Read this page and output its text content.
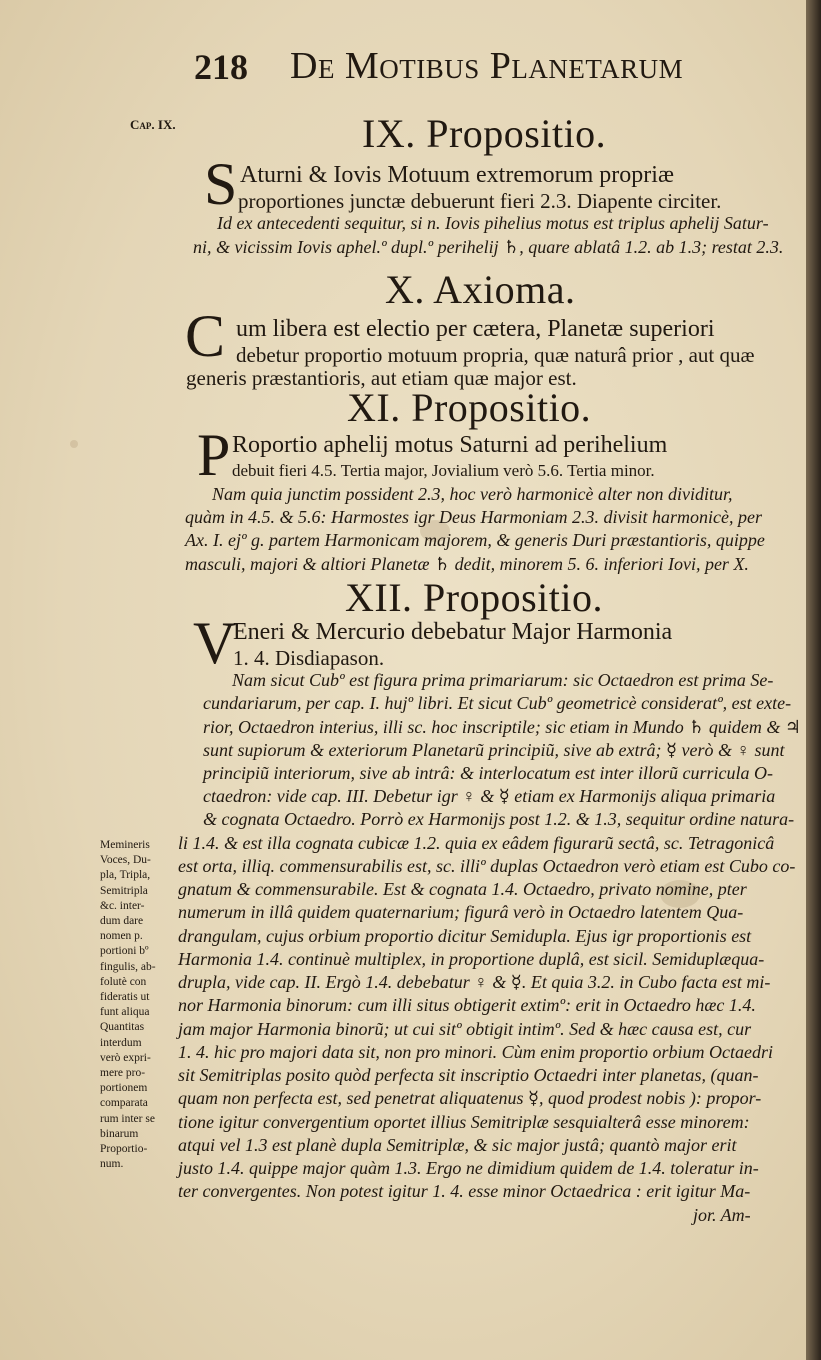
218 De Motibus Planetarum
Cap. IX.	IX. Propositio.
S Aturni & Iovis Motuum extremorum propriæ
proportiones junctæ debuerunt fieri 2.3. Diapente circiter.
Id ex antecedenti sequitur, si n. Iovis pihelius motus est triplus aphelij Satur-
ni, & vicissim Iovis aphel.º dupl.º perihelij ♄, quare ablatâ 1.2. ab 1.3; restat 2.3.
X. Axioma.
C um libera est electio per cætera, Planetæ superiori
debetur proportio motuum propria, quæ naturâ prior , aut quæ
generis præstantioris, aut etiam quæ major est.
XI. Propositio.
P Roportio aphelij motus Saturni ad perihelium
debuit fieri 4.5. Tertia major, Jovialium verò 5.6. Tertia minor.
Nam quia junctim possident 2.3, hoc verò harmonicè alter non dividitur,
quàm in 4.5. & 5.6: Harmostes igr Deus Harmoniam 2.3. divisit harmonicè, per
Ax. I. ejº g. partem Harmonicam majorem, & generis Duri præstantioris, quippe
masculi, majori & altiori Planetæ ♄ dedit, minorem 5. 6. inferiori Iovi, per X.
XII. Propositio.
V
Eneri & Mercurio debebatur Major Harmonia
1. 4. Disdiapason.
Nam sicut Cubº est figura prima primariarum: sic Octaedron est prima Se-
cundariarum, per cap. I. hujº libri. Et sicut Cubº geometricè consideratº, est exte-
rior, Octaedron interius, illi sc. hoc inscriptile; sic etiam in Mundo ♄ quidem & ♃
sunt supiorum & exteriorum Planetarũ principiũ, sive ab extrâ; ☿ verò & ♀ sunt
principiũ interiorum, sive ab intrâ: & interlocatum est inter illorũ curricula O-
ctaedron: vide cap. III. Debetur igr ♀ & ☿ etiam ex Harmonijs aliqua primaria
& cognata Octaedro. Porrò ex Harmonijs post 1.2. & 1.3, sequitur ordine natura-
li 1.4. & est illa cognata cubicæ 1.2. quia ex eâdem figurarũ sectâ, sc. Tetragonicâ
est orta, illiq. commensurabilis est, sc. illiº duplas Octaedron verò etiam est Cubo co-
gnatum & commensurabile. Est & cognata 1.4. Octaedro, privato nomine, pter
numerum in illâ quidem quaternarium; figurâ verò in Octaedro latentem Qua-
drangulam, cujus orbium proportio dicitur Semidupla. Ejus igr proportionis est
Harmonia 1.4. continuè multiplex, in proportione duplâ, est sicil. Semiduplæqua-
drupla, vide cap. II. Ergò 1.4. debebatur ♀ & ☿. Et quia 3.2. in Cubo facta est mi-
nor Harmonia binorum: cum illi situs obtigerit extimº: erit in Octaedro hæc 1.4.
jam major Harmonia binorũ; ut cui sitº obtigit intimº. Sed & hæc causa est, cur
1. 4. hic pro majori data sit, non pro minori. Cùm enim proportio orbium Octaedri
sit Semitriplas posito quòd perfecta sit inscriptio Octaedri inter planetas, (quan-
quam non perfecta est, sed penetrat aliquatenus ☿, quod prodest nobis ): propor-
tione igitur convergentium oportet illius Semitriplæ sesquialterâ esse minorem:
atqui vel 1.3 est planè dupla Semitriplæ, & sic major justâ; quantò major erit
justo 1.4. quippe major quàm 1.3. Ergo ne dimidium quidem de 1.4. toleratur in-
ter convergentes. Non potest igitur 1. 4. esse minor Octaedrica : erit igitur Ma-
jor. Am-
Memineris
Voces, Du-
pla, Tripla,
Semitripla
&c. inter-
dum dare
nomen p.
portioni bº
fingulis, ab-
folutè con
fideratis ut
funt aliqua
Quantitas
interdum
verò expri-
mere pro-
portionem
comparata
rum inter se
binarum
Proportio-
num.
